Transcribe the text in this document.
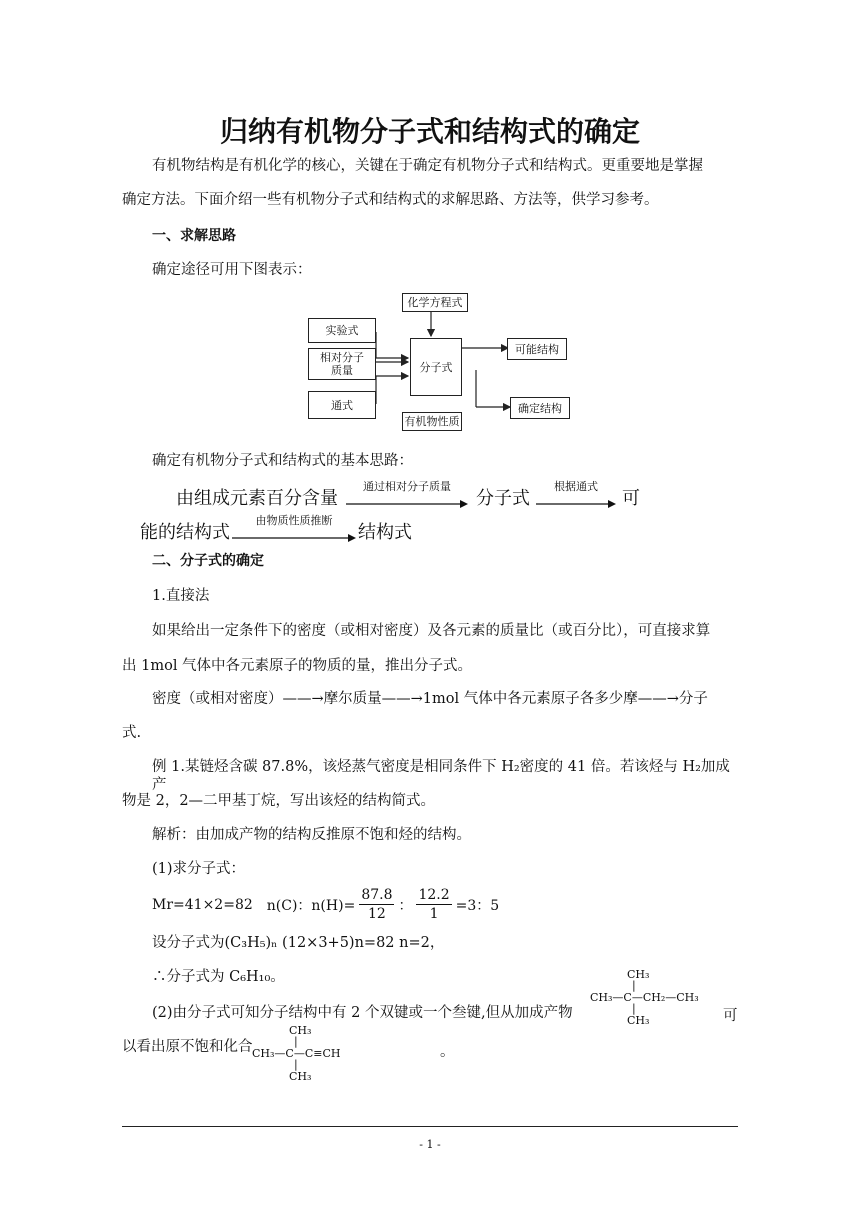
归纳有机物分子式和结构式的确定
有机物结构是有机化学的核心，关键在于确定有机物分子式和结构式。更重要地是掌握
确定方法。下面介绍一些有机物分子式和结构式的求解思路、方法等，供学习参考。
一、求解思路
确定途径可用下图表示：
化学方程式
实验式
相对分子
质量
通式
分子式
可能结构
有机物性质
确定结构
确定有机物分子式和结构式的基本思路：
由组成元素百分含量
通过相对分子质量
分子式
根据通式
可
能的结构式
由物质性质推断
结构式
二、分子式的确定
1.直接法
如果给出一定条件下的密度（或相对密度）及各元素的质量比（或百分比），可直接求算
出 1mol 气体中各元素原子的物质的量，推出分子式。
密度（或相对密度）——→摩尔质量——→1mol 气体中各元素原子各多少摩——→分子
式.
例 1.某链烃含碳 87.8%，该烃蒸气密度是相同条件下 H₂密度的 41 倍。若该烃与 H₂加成产
物是 2，2—二甲基丁烷，写出该烃的结构简式。
解析：由加成产物的结构反推原不饱和烃的结构。
(1)求分子式：
Mr=41×2=82 n(C)：$n(H)= \frac{87.8}{12}$ ： $\frac{12.2}{1} =3$：5
设分子式为(C₃H₅)ₙ (12×3+5)n=82 n=2，
∴分子式为 C₆H₁₀。	CH₃
|
CH₃—C—CH₂—CH₃
|
CH₃
(2)由分子式可知分子结构中有 2 个双键或一个叁键,但从加成产物	可
以看出原不饱和化合
CH₃
|
CH₃—C—C≡CH
|
CH₃
。
- 1 -
